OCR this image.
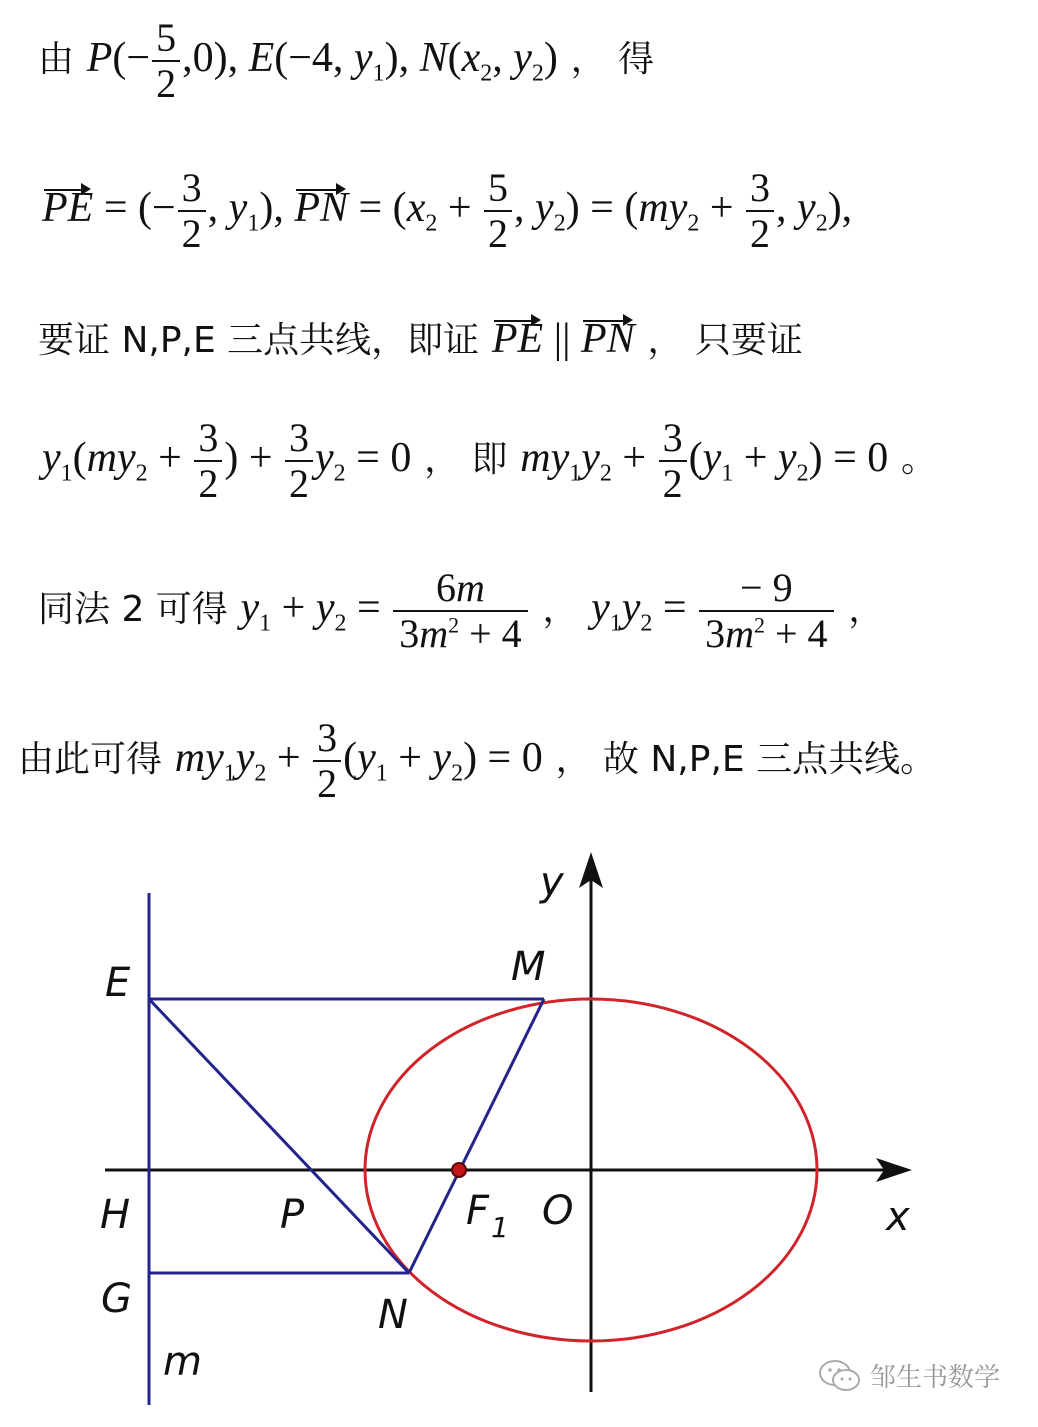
由 $P(- \frac{5}{2} ,0)$, E(−4, $y_1$), $N(x_2$, $y_2$) ， 得
PE = (− $\frac{3}{2}$ , $y_1$), PN = ($x_2 + \frac{5}{2}$ , $y_2) = (my_2 + \frac{3}{2}$ , $y_2$),
要证 N,P,E 三点共线，即证 PE || PN ， 只要证
$y_1(my_2 + \frac{3}{2}$ ) + $\frac{3}{2} y_2 = 0$ ， 即 $my_1y_2 + \frac{3}{2} (y_1 + y_2) = 0$ 。
同法 2 可得 $y_1 + y_2 = \frac{6m}{3m^2 + 4}$ ， $y_1y_2 = \frac{- 9}{3m^2 + 4}$ ，
由此可得 $my_1y_2 + \frac{3}{2} (y_1 + y_2) = 0$ ， 故 N,P,E 三点共线。
E	M
H	P	F 1 O
G	N
m
x
y
邹生书数学
